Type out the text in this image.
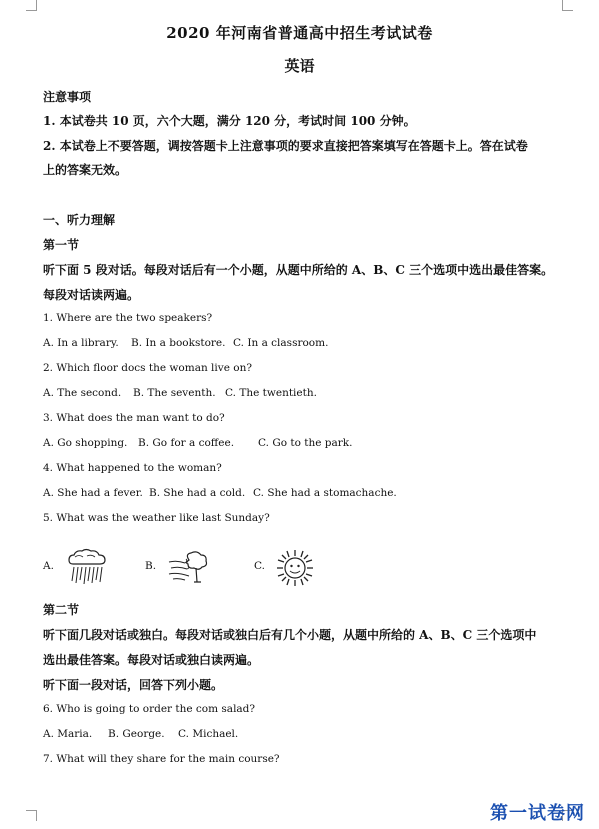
2020 年河南省普通高中招生考试试卷
英语
注意事项
1. 本试卷共 10 页，六个大题，满分 120 分，考试时间 100 分钟。
2. 本试卷上不要答题，调按答题卡上注意事项的要求直接把答案填写在答题卡上。答在试卷
上的答案无效。
一、听力理解
第一节
听下面 5 段对话。每段对话后有一个小题，从题中所给的 A、B、C 三个选项中选出最佳答案。
每段对话读两遍。
1. Where are the two speakers?
A. In a library. B. In a bookstore. C. In a classroom.
2. Which floor docs the woman live on?
A. The second. B. The seventh. C. The twentieth.
3. What does the man want to do?
A. Go shopping. B. Go for a coffee. C. Go to the park.
4. What happened to the woman?
A. She had a fever. B. She had a cold. C. She had a stomachache.
5. What was the weather like last Sunday?
A.	B.	C.
第二节
听下面几段对话或独白。每段对话或独白后有几个小题，从题中所给的 A、B、C 三个选项中
选出最佳答案。每段对话或独白读两遍。
听下面一段对话，回答下列小题。
6. Who is going to order the com salad?
A. Maria. B. George. C. Michael.
7. What will they share for the main course?
第一试卷网
